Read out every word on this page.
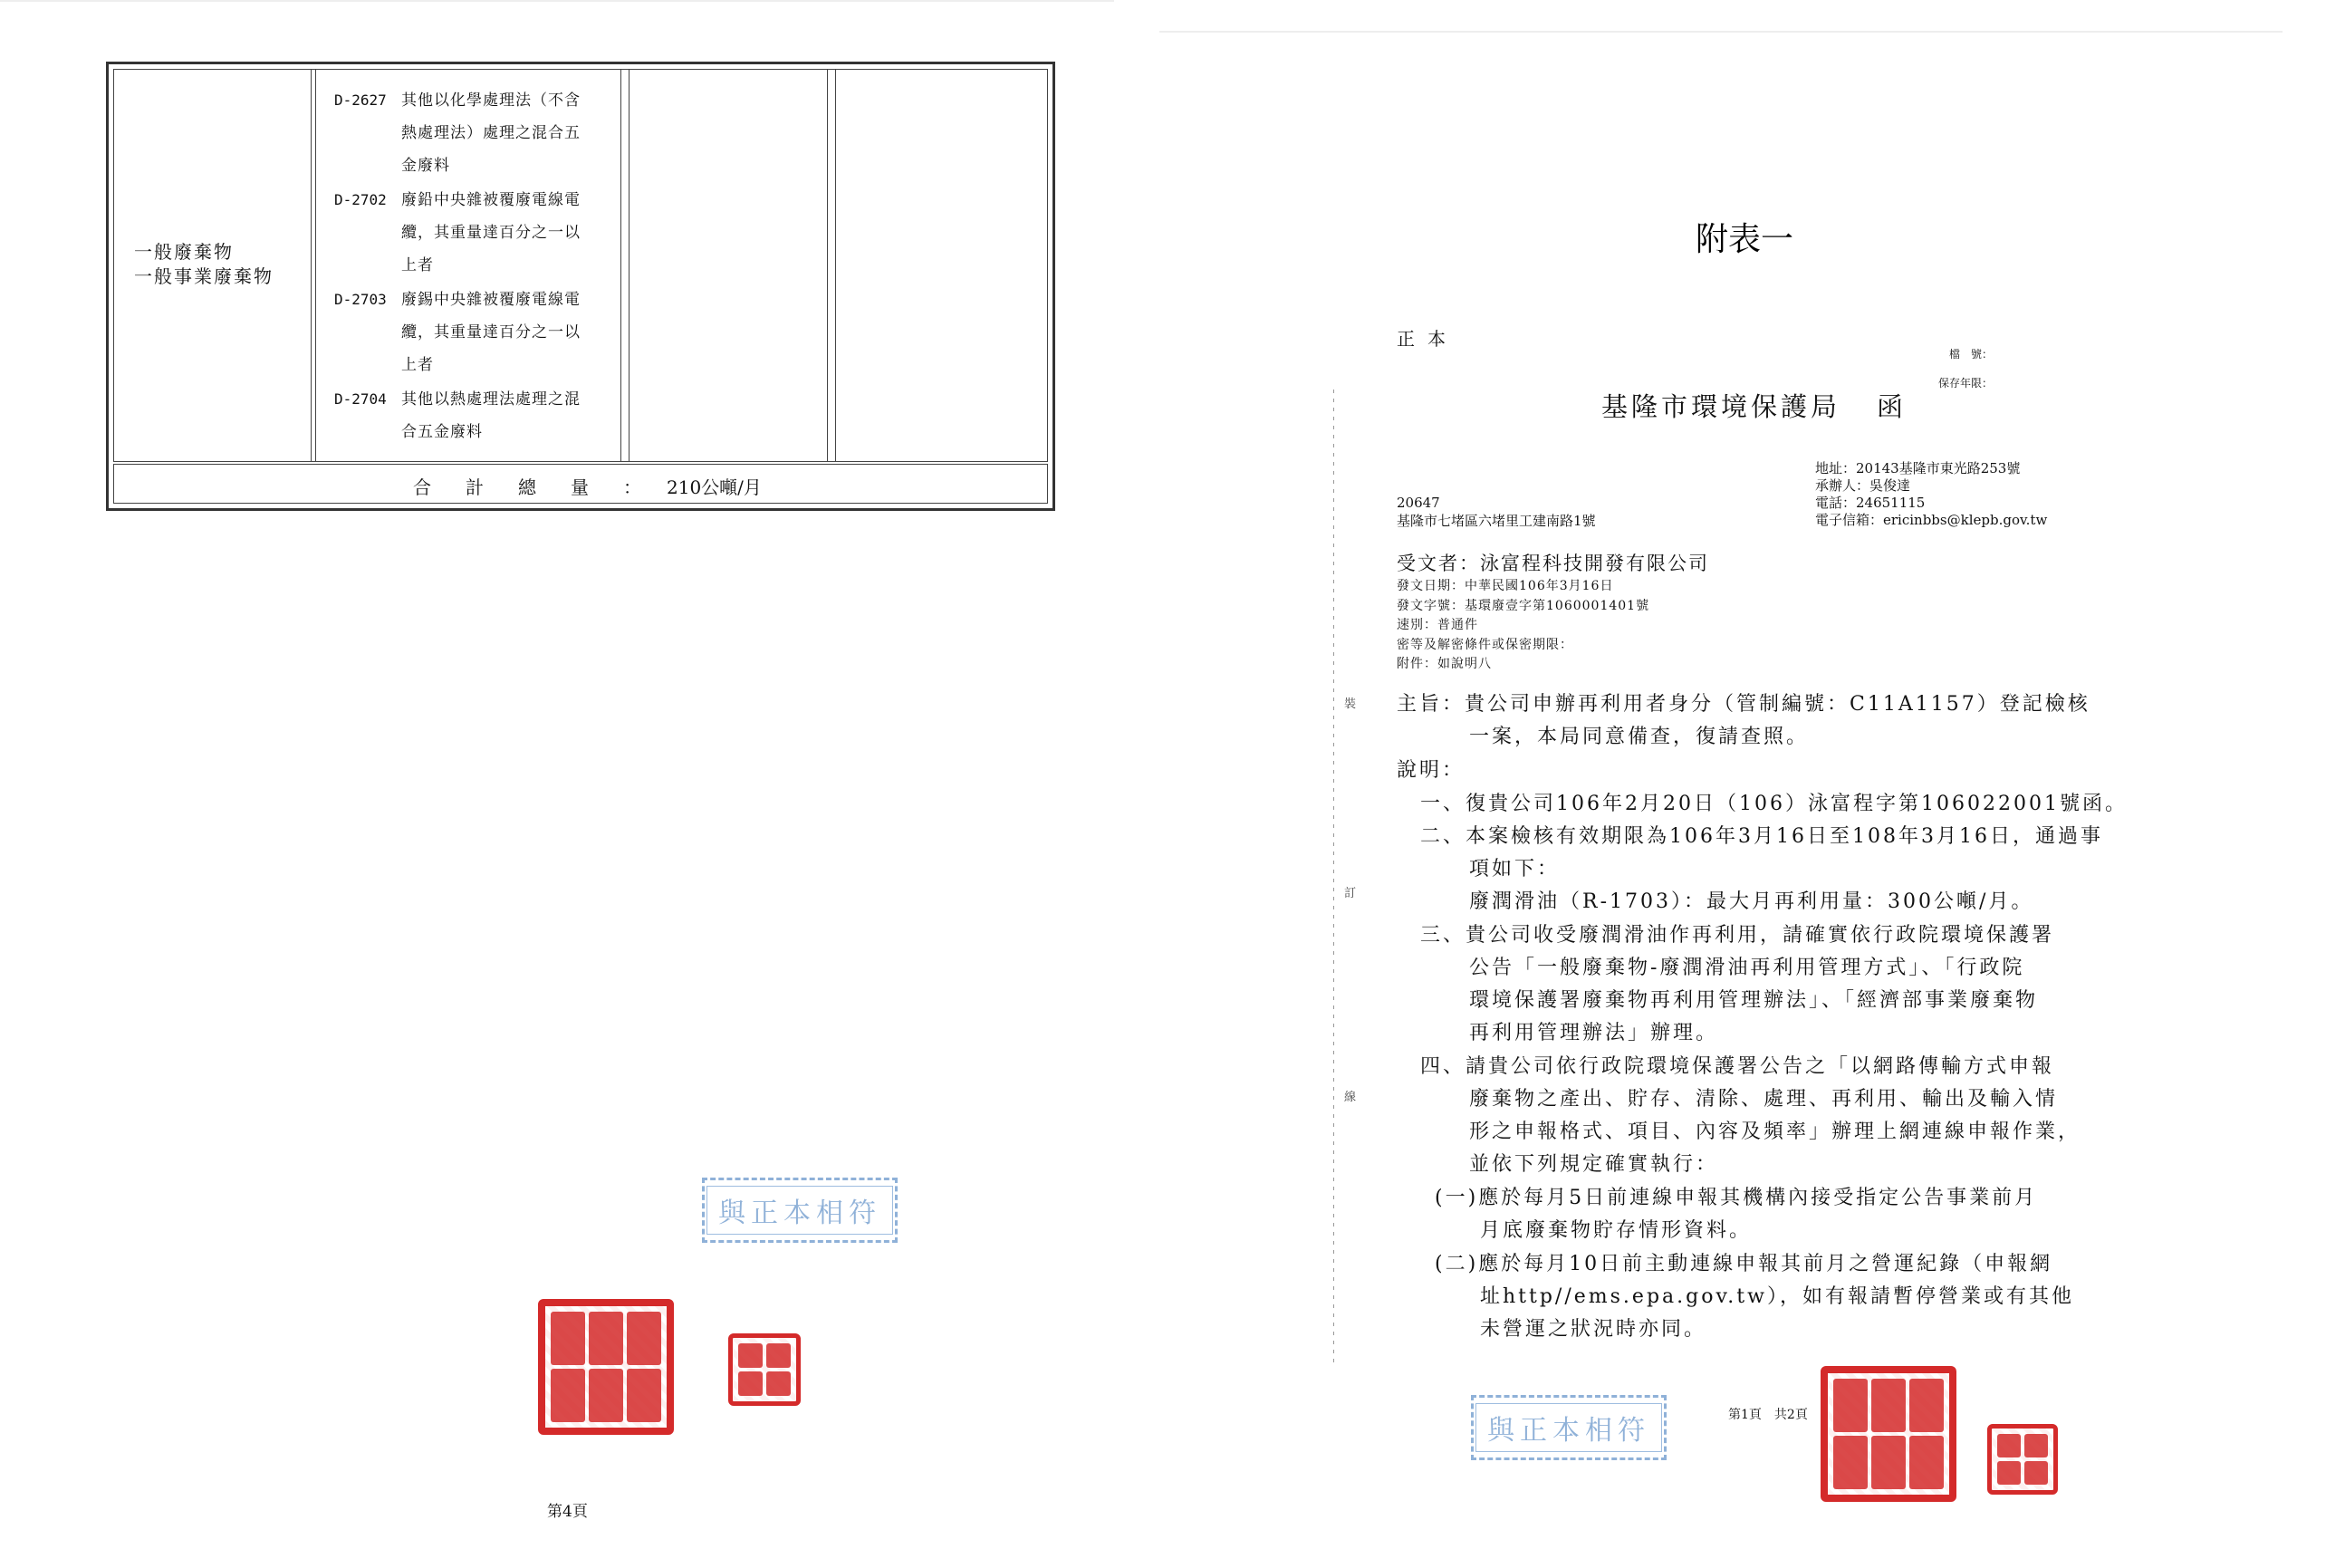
一般廢棄物
一般事業廢棄物
D-2627 其他以化學處理法（不含
熱處理法）處理之混合五
金廢料
D-2702 廢鉛中央雜被覆廢電線電
纜，其重量達百分之一以
上者
D-2703 廢錫中央雜被覆廢電線電
纜，其重量達百分之一以
上者
D-2704 其他以熱處理法處理之混
合五金廢料
合計總量：
210公噸/月
與正本相符
第4頁
附表一
正本
檔　號：
保存年限：
基隆市環境保護局 函
地址：20143基隆市東光路253號
承辦人：吳俊達
電話：24651115
電子信箱：ericinbbs@klepb.gov.tw
20647
基隆市七堵區六堵里工建南路1號
受文者：泳富程科技開發有限公司
發文日期：中華民國106年3月16日
發文字號：基環廢壹字第1060001401號
速別：普通件
密等及解密條件或保密期限：
附件：如說明八
裝
訂
線
主旨：貴公司申辦再利用者身分（管制編號：C11A1157）登記檢核
一案，本局同意備查，復請查照。
說明：
一、復貴公司106年2月20日（106）泳富程字第106022001號函。
二、本案檢核有效期限為106年3月16日至108年3月16日，通過事
項如下：
廢潤滑油（R-1703）：最大月再利用量：300公噸/月。
三、貴公司收受廢潤滑油作再利用，請確實依行政院環境保護署
公告「一般廢棄物-廢潤滑油再利用管理方式」、「行政院
環境保護署廢棄物再利用管理辦法」、「經濟部事業廢棄物
再利用管理辦法」辦理。
四、請貴公司依行政院環境保護署公告之「以網路傳輸方式申報
廢棄物之產出、貯存、清除、處理、再利用、輸出及輸入情
形之申報格式、項目、內容及頻率」辦理上網連線申報作業，
並依下列規定確實執行：
(一)應於每月5日前連線申報其機構內接受指定公告事業前月
月底廢棄物貯存情形資料。
(二)應於每月10日前主動連線申報其前月之營運紀錄（申報網
址http//ems.epa.gov.tw），如有報請暫停營業或有其他
未營運之狀況時亦同。
與正本相符	第1頁　共2頁
